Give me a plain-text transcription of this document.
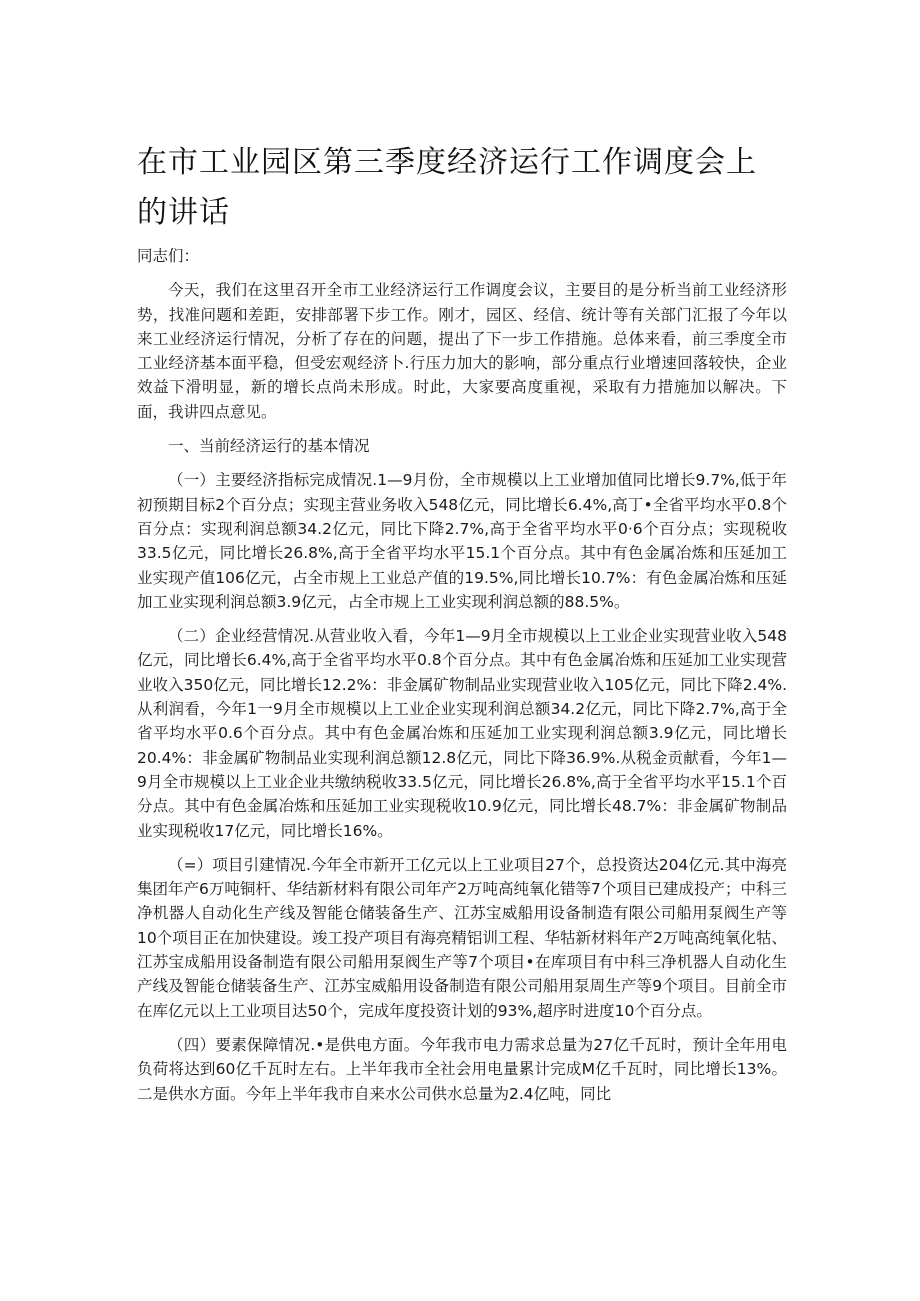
在市工业园区第三季度经济运行工作调度会上的讲话

同志们：

今天，我们在这里召开全市工业经济运行工作调度会议，主要目的是分析当前工业经济形势，找准问题和差距，安排部署下步工作。刚才，园区、经信、统计等有关部门汇报了今年以来工业经济运行情况，分析了存在的问题，提出了下一步工作措施。总体来看，前三季度全市工业经济基本面平稳，但受宏观经济卜.行压力加大的影响，部分重点行业增速回落较快，企业效益下滑明显，新的增长点尚未形成。时此，大家要高度重视，采取有力措施加以解决。下面，我讲四点意见。

一、当前经济运行的基本情况

（一）主要经济指标完成情况.1—9月份，全市规模以上工业增加值同比增长9.7%,低于年初预期目标2个百分点；实现主营业务收入548亿元，同比增长6.4%,高丁•全省平均水平0.8个百分点：实现利润总额34.2亿元，同比下降2.7%,高于全省平均水平0·6个百分点；实现税收33.5亿元，同比增长26.8%,高于全省平均水平15.1个百分点。其中有色金属冶炼和压延加工业实现产值106亿元，占全市规上工业总产值的19.5%,同比增长10.7%：有色金属冶炼和压延加工业实现利润总额3.9亿元，占全市规上工业实现利润总额的88.5%。

（二）企业经营情况.从营业收入看，今年1—9月全市规模以上工业企业实现营业收入548亿元，同比增长6.4%,高于全省平均水平0.8个百分点。其中有色金属冶炼和压延加工业实现营业收入350亿元，同比增长12.2%：非金属矿物制品业实现营业收入105亿元，同比下降2.4%.从利润看，今年1一9月全市规模以上工业企业实现利润总额34.2亿元，同比下降2.7%,高于全省平均水平0.6个百分点。其中有色金属冶炼和压延加工业实现利润总额3.9亿元，同比增长20.4%：非金属矿物制品业实现利润总额12.8亿元，同比下降36.9%.从税金贡献看，今年1—9月全市规模以上工业企业共缴纳税收33.5亿元，同比增长26.8%,高于全省平均水平15.1个百分点。其中有色金属冶炼和压延加工业实现税收10.9亿元，同比增长48.7%：非金属矿物制品业实现税收17亿元，同比增长16%。

（=）项目引建情况.今年全市新开工亿元以上工业项目27个，总投资达204亿元.其中海亮集团年产6万吨铜杆、华结新材料有限公司年产2万吨高纯氧化错等7个项目已建成投产；中科三净机器人自动化生产线及智能仓储装备生产、江苏宝威船用设备制造有限公司船用泵阀生产等10个项目正在加快建设。竣工投产项目有海亮精铝训工程、华牯新材料年产2万吨高纯氧化牯、江苏宝成船用设备制造有限公司船用泵阀生产等7个项目•在库项目有中科三净机器人自动化生产线及智能仓储装备生产、江苏宝威船用设备制造有限公司船用泵周生产等9个项目。目前全市在库亿元以上工业项目达50个，完成年度投资计划的93%,超序时进度10个百分点。

（四）要素保障情况.•是供电方面。今年我市电力需求总量为27亿千瓦时，预计全年用电负荷将达到60亿千瓦时左右。上半年我市全社会用电量累计完成M亿千瓦时，同比增长13%。二是供水方面。今年上半年我市自来水公司供水总量为2.4亿吨，同比
